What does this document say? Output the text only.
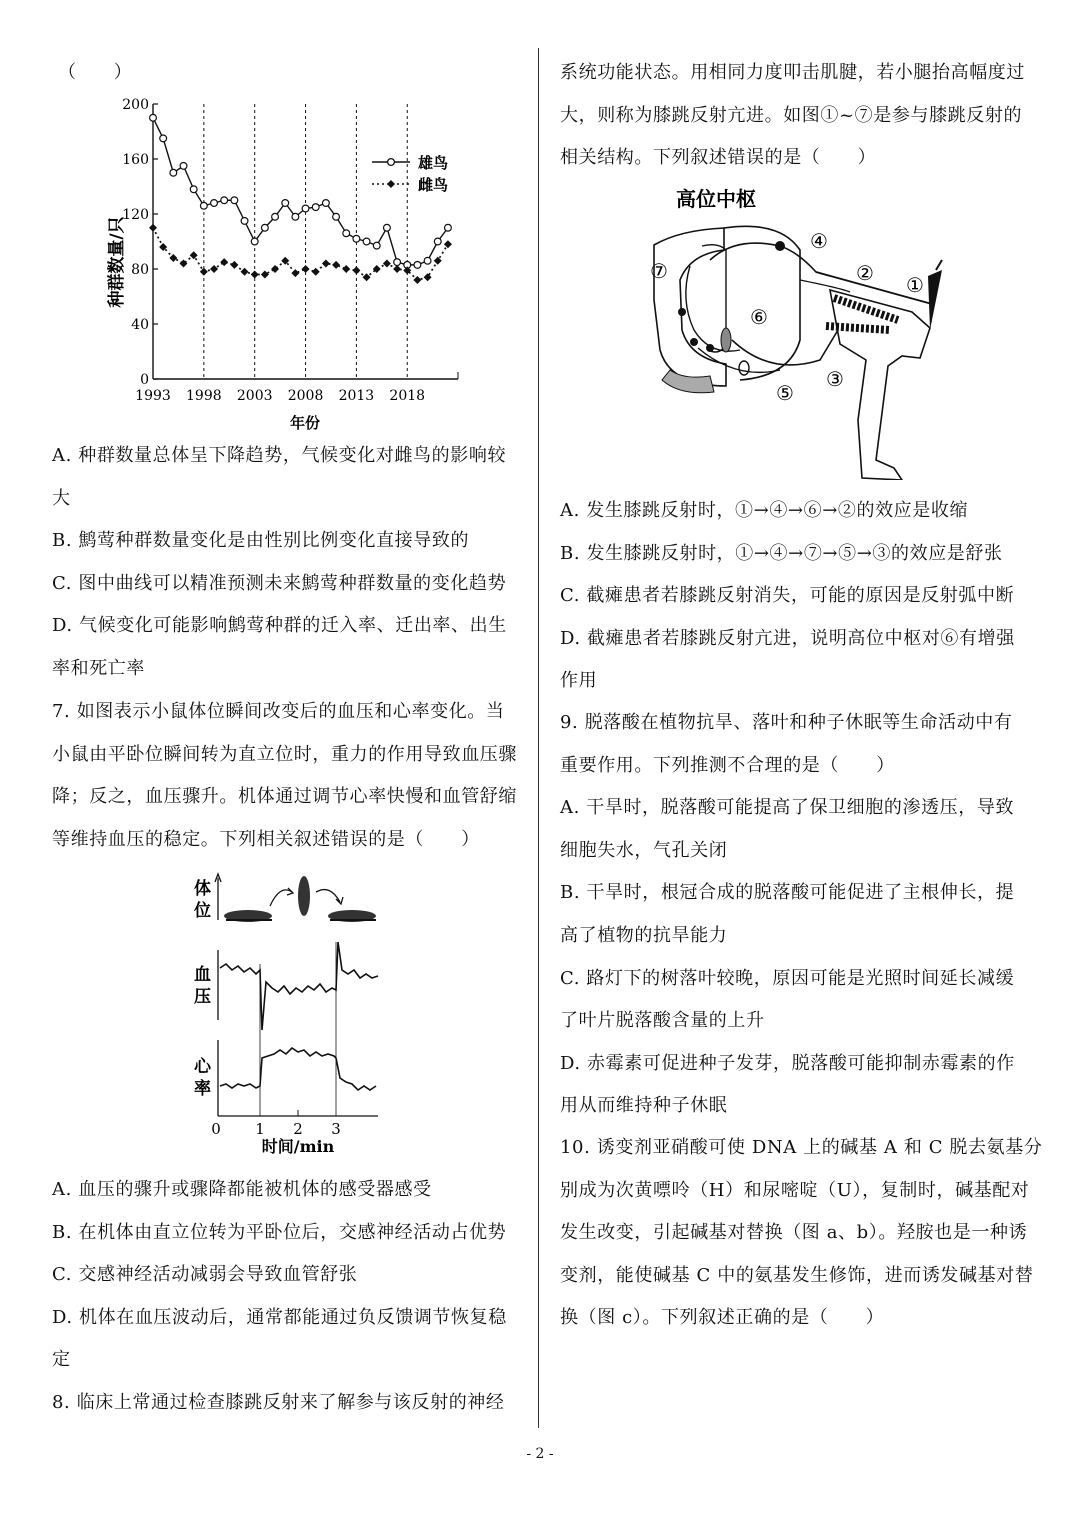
（　　）
200
160
120
80
40
0
1993 1998 2003 2008 2013 2018
种群数量/只
年份
雄鸟
雌鸟
A. 种群数量总体呈下降趋势，气候变化对雌鸟的影响较
大
B. 鹪莺种群数量变化是由性别比例变化直接导致的
C. 图中曲线可以精准预测未来鹪莺种群数量的变化趋势
D. 气候变化可能影响鹪莺种群的迁入率、迁出率、出生
率和死亡率
7. 如图表示小鼠体位瞬间改变后的血压和心率变化。当
小鼠由平卧位瞬间转为直立位时，重力的作用导致血压骤
降；反之，血压骤升。机体通过调节心率快慢和血管舒缩
等维持血压的稳定。下列相关叙述错误的是（　　）
体
位
血
压
心
率
0 1 2 3
时间/min
A. 血压的骤升或骤降都能被机体的感受器感受
B. 在机体由直立位转为平卧位后，交感神经活动占优势
C. 交感神经活动减弱会导致血管舒张
D. 机体在血压波动后，通常都能通过负反馈调节恢复稳
定
8. 临床上常通过检查膝跳反射来了解参与该反射的神经
系统功能状态。用相同力度叩击肌腱，若小腿抬高幅度过
大，则称为膝跳反射亢进。如图①~⑦是参与膝跳反射的
相关结构。下列叙述错误的是（　　）
高位中枢
①
②
③
④
⑤
⑥
⑦
A. 发生膝跳反射时，①→④→⑥→②的效应是收缩
B. 发生膝跳反射时，①→④→⑦→⑤→③的效应是舒张
C. 截瘫患者若膝跳反射消失，可能的原因是反射弧中断
D. 截瘫患者若膝跳反射亢进，说明高位中枢对⑥有增强
作用
9. 脱落酸在植物抗旱、落叶和种子休眠等生命活动中有
重要作用。下列推测不合理的是（　　）
A. 干旱时，脱落酸可能提高了保卫细胞的渗透压，导致
细胞失水，气孔关闭
B. 干旱时，根冠合成的脱落酸可能促进了主根伸长，提
高了植物的抗旱能力
C. 路灯下的树落叶较晚，原因可能是光照时间延长减缓
了叶片脱落酸含量的上升
D. 赤霉素可促进种子发芽，脱落酸可能抑制赤霉素的作
用从而维持种子休眠
10. 诱变剂亚硝酸可使 DNA 上的碱基 A 和 C 脱去氨基分
别成为次黄嘌呤（H）和尿嘧啶（U），复制时，碱基配对
发生改变，引起碱基对替换（图 a、b）。羟胺也是一种诱
变剂，能使碱基 C 中的氨基发生修饰，进而诱发碱基对替
换（图 c）。下列叙述正确的是（　　）
- 2 -
